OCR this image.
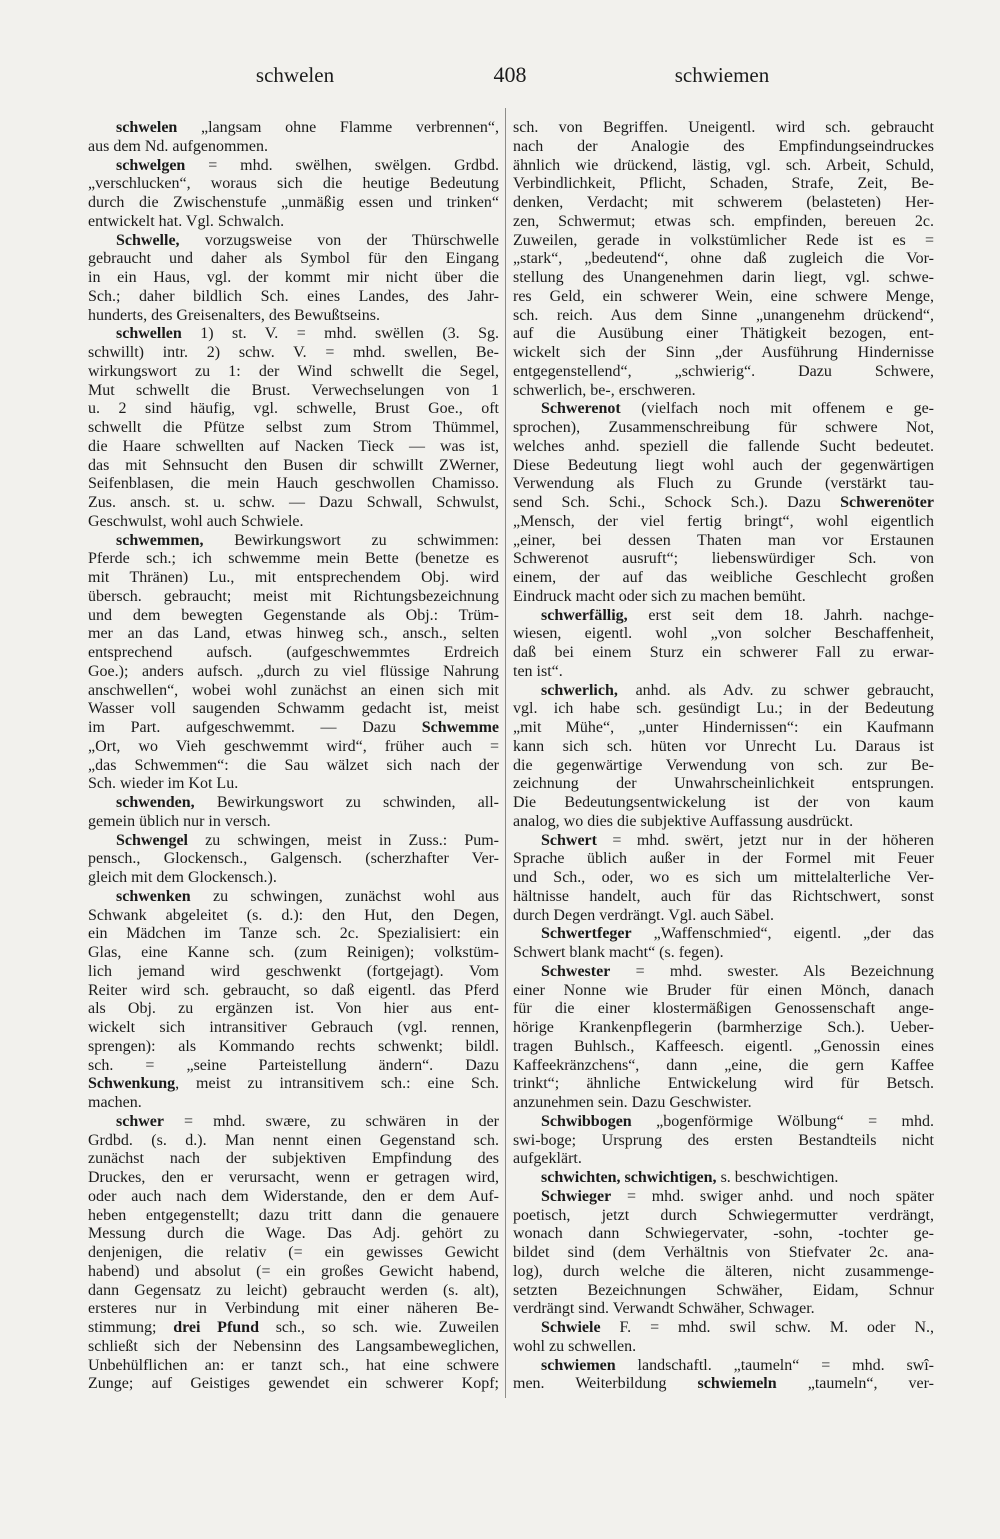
schwelen	408	schwiemen
schwelen „langsam ohne Flamme verbrennen“,
aus dem Nd. aufgenommen.
schwelgen = mhd. swëlhen, swëlgen. Grdbd.
„verschlucken“, woraus sich die heutige Bedeutung
durch die Zwischenstufe „unmäßig essen und trinken“
entwickelt hat. Vgl. Schwalch.
Schwelle, vorzugsweise von der Thürschwelle
gebraucht und daher als Symbol für den Eingang
in ein Haus, vgl. der kommt mir nicht über die
Sch.; daher bildlich Sch. eines Landes, des Jahr-
hunderts, des Greisenalters, des Bewußtseins.
schwellen 1) st. V. = mhd. swëllen (3. Sg.
schwillt) intr. 2) schw. V. = mhd. swellen, Be-
wirkungswort zu 1: der Wind schwellt die Segel,
Mut schwellt die Brust. Verwechselungen von 1
u. 2 sind häufig, vgl. schwelle, Brust Goe., oft
schwellt die Pfütze selbst zum Strom Thümmel,
die Haare schwellten auf Nacken Tieck — was ist,
das mit Sehnsucht den Busen dir schwillt ZWerner,
Seifenblasen, die mein Hauch geschwollen Chamisso.
Zus. ansch. st. u. schw. — Dazu Schwall, Schwulst,
Geschwulst, wohl auch Schwiele.
schwemmen, Bewirkungswort zu schwimmen:
Pferde sch.; ich schwemme mein Bette (benetze es
mit Thränen) Lu., mit entsprechendem Obj. wird
übersch. gebraucht; meist mit Richtungsbezeichnung
und dem bewegten Gegenstande als Obj.: Trüm-
mer an das Land, etwas hinweg sch., ansch., selten
entsprechend aufsch. (aufgeschwemmtes Erdreich
Goe.); anders aufsch. „durch zu viel flüssige Nahrung
anschwellen“, wobei wohl zunächst an einen sich mit
Wasser voll saugenden Schwamm gedacht ist, meist
im Part. aufgeschwemmt. — Dazu Schwemme
„Ort, wo Vieh geschwemmt wird“, früher auch =
„das Schwemmen“: die Sau wälzet sich nach der
Sch. wieder im Kot Lu.
schwenden, Bewirkungswort zu schwinden, all-
gemein üblich nur in versch.
Schwengel zu schwingen, meist in Zuss.: Pum-
pensch., Glockensch., Galgensch. (scherzhafter Ver-
gleich mit dem Glockensch.).
schwenken zu schwingen, zunächst wohl aus
Schwank abgeleitet (s. d.): den Hut, den Degen,
ein Mädchen im Tanze sch. 2c. Spezialisiert: ein
Glas, eine Kanne sch. (zum Reinigen); volkstüm-
lich jemand wird geschwenkt (fortgejagt). Vom
Reiter wird sch. gebraucht, so daß eigentl. das Pferd
als Obj. zu ergänzen ist. Von hier aus ent-
wickelt sich intransitiver Gebrauch (vgl. rennen,
sprengen): als Kommando rechts schwenkt; bildl.
sch. = „seine Parteistellung ändern“. Dazu
Schwenkung, meist zu intransitivem sch.: eine Sch.
machen.
schwer = mhd. swære, zu schwären in der
Grdbd. (s. d.). Man nennt einen Gegenstand sch.
zunächst nach der subjektiven Empfindung des
Druckes, den er verursacht, wenn er getragen wird,
oder auch nach dem Widerstande, den er dem Auf-
heben entgegenstellt; dazu tritt dann die genauere
Messung durch die Wage. Das Adj. gehört zu
denjenigen, die relativ (= ein gewisses Gewicht
habend) und absolut (= ein großes Gewicht habend,
dann Gegensatz zu leicht) gebraucht werden (s. alt),
ersteres nur in Verbindung mit einer näheren Be-
stimmung; drei Pfund sch., so sch. wie. Zuweilen
schließt sich der Nebensinn des Langsambeweglichen,
Unbehülflichen an: er tanzt sch., hat eine schwere
Zunge; auf Geistiges gewendet ein schwerer Kopf;
sch. von Begriffen. Uneigentl. wird sch. gebraucht
nach der Analogie des Empfindungseindruckes
ähnlich wie drückend, lästig, vgl. sch. Arbeit, Schuld,
Verbindlichkeit, Pflicht, Schaden, Strafe, Zeit, Be-
denken, Verdacht; mit schwerem (belasteten) Her-
zen, Schwermut; etwas sch. empfinden, bereuen 2c.
Zuweilen, gerade in volkstümlicher Rede ist es =
„stark“, „bedeutend“, ohne daß zugleich die Vor-
stellung des Unangenehmen darin liegt, vgl. schwe-
res Geld, ein schwerer Wein, eine schwere Menge,
sch. reich. Aus dem Sinne „unangenehm drückend“,
auf die Ausübung einer Thätigkeit bezogen, ent-
wickelt sich der Sinn „der Ausführung Hindernisse
entgegenstellend“, „schwierig“. Dazu Schwere,
schwerlich, be-, erschweren.
Schwerenot (vielfach noch mit offenem e ge-
sprochen), Zusammenschreibung für schwere Not,
welches anhd. speziell die fallende Sucht bedeutet.
Diese Bedeutung liegt wohl auch der gegenwärtigen
Verwendung als Fluch zu Grunde (verstärkt tau-
send Sch. Schi., Schock Sch.). Dazu Schwerenöter
„Mensch, der viel fertig bringt“, wohl eigentlich
„einer, bei dessen Thaten man vor Erstaunen
Schwerenot ausruft“; liebenswürdiger Sch. von
einem, der auf das weibliche Geschlecht großen
Eindruck macht oder sich zu machen bemüht.
schwerfällig, erst seit dem 18. Jahrh. nachge-
wiesen, eigentl. wohl „von solcher Beschaffenheit,
daß bei einem Sturz ein schwerer Fall zu erwar-
ten ist“.
schwerlich, anhd. als Adv. zu schwer gebraucht,
vgl. ich habe sch. gesündigt Lu.; in der Bedeutung
„mit Mühe“, „unter Hindernissen“: ein Kaufmann
kann sich sch. hüten vor Unrecht Lu. Daraus ist
die gegenwärtige Verwendung von sch. zur Be-
zeichnung der Unwahrscheinlichkeit entsprungen.
Die Bedeutungsentwickelung ist der von kaum
analog, wo dies die subjektive Auffassung ausdrückt.
Schwert = mhd. swërt, jetzt nur in der höheren
Sprache üblich außer in der Formel mit Feuer
und Sch., oder, wo es sich um mittelalterliche Ver-
hältnisse handelt, auch für das Richtschwert, sonst
durch Degen verdrängt. Vgl. auch Säbel.
Schwertfeger „Waffenschmied“, eigentl. „der das
Schwert blank macht“ (s. fegen).
Schwester = mhd. swester. Als Bezeichnung
einer Nonne wie Bruder für einen Mönch, danach
für die einer klostermäßigen Genossenschaft ange-
hörige Krankenpflegerin (barmherzige Sch.). Ueber-
tragen Buhlsch., Kaffeesch. eigentl. „Genossin eines
Kaffeekränzchens“, dann „eine, die gern Kaffee
trinkt“; ähnliche Entwickelung wird für Betsch.
anzunehmen sein. Dazu Geschwister.
Schwibbogen „bogenförmige Wölbung“ = mhd.
swi-boge; Ursprung des ersten Bestandteils nicht
aufgeklärt.
schwichten, schwichtigen, s. beschwichtigen.
Schwieger = mhd. swiger anhd. und noch später
poetisch, jetzt durch Schwiegermutter verdrängt,
wonach dann Schwiegervater, -sohn, -tochter ge-
bildet sind (dem Verhältnis von Stiefvater 2c. ana-
log), durch welche die älteren, nicht zusammenge-
setzten Bezeichnungen Schwäher, Eidam, Schnur
verdrängt sind. Verwandt Schwäher, Schwager.
Schwiele F. = mhd. swil schw. M. oder N.,
wohl zu schwellen.
schwiemen landschaftl. „taumeln“ = mhd. swî-
men. Weiterbildung schwiemeln „taumeln“, ver-
